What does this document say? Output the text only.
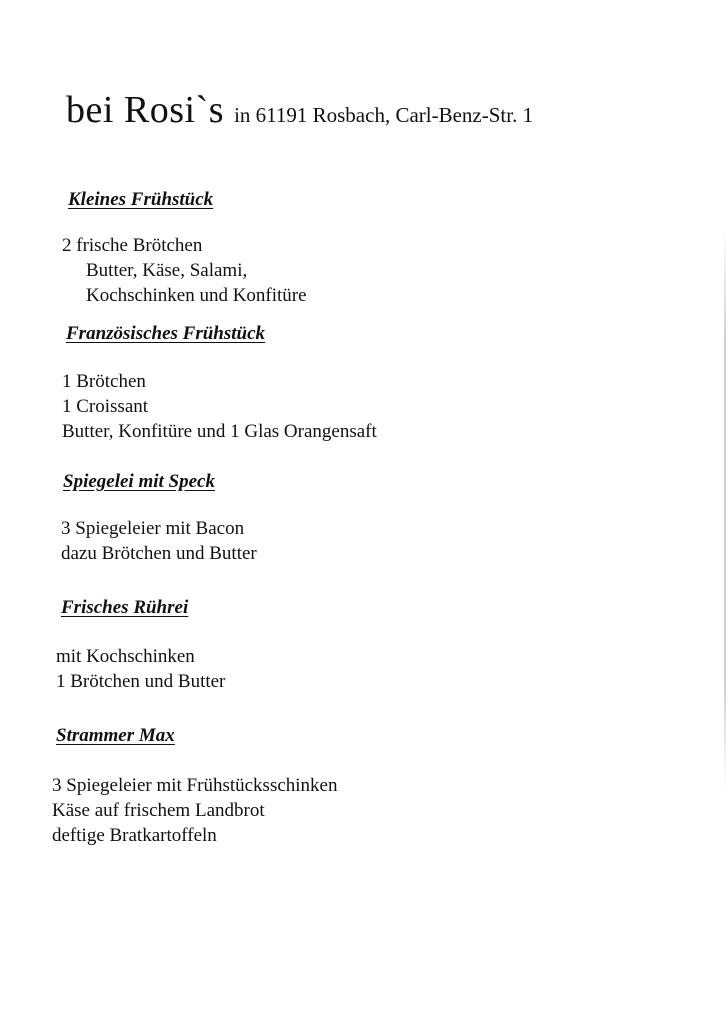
bei Rosi`s in 61191 Rosbach, Carl-Benz-Str. 1
Kleines Frühstück
2 frische Brötchen
Butter, Käse, Salami,
Kochschinken und Konfitüre
Französisches Frühstück
1 Brötchen
1 Croissant
Butter, Konfitüre und 1 Glas Orangensaft
Spiegelei mit Speck
3 Spiegeleier mit Bacon
dazu Brötchen und Butter
Frisches Rührei
mit Kochschinken
1 Brötchen und Butter
Strammer Max
3 Spiegeleier mit Frühstücksschinken
Käse auf frischem Landbrot
deftige Bratkartoffeln
